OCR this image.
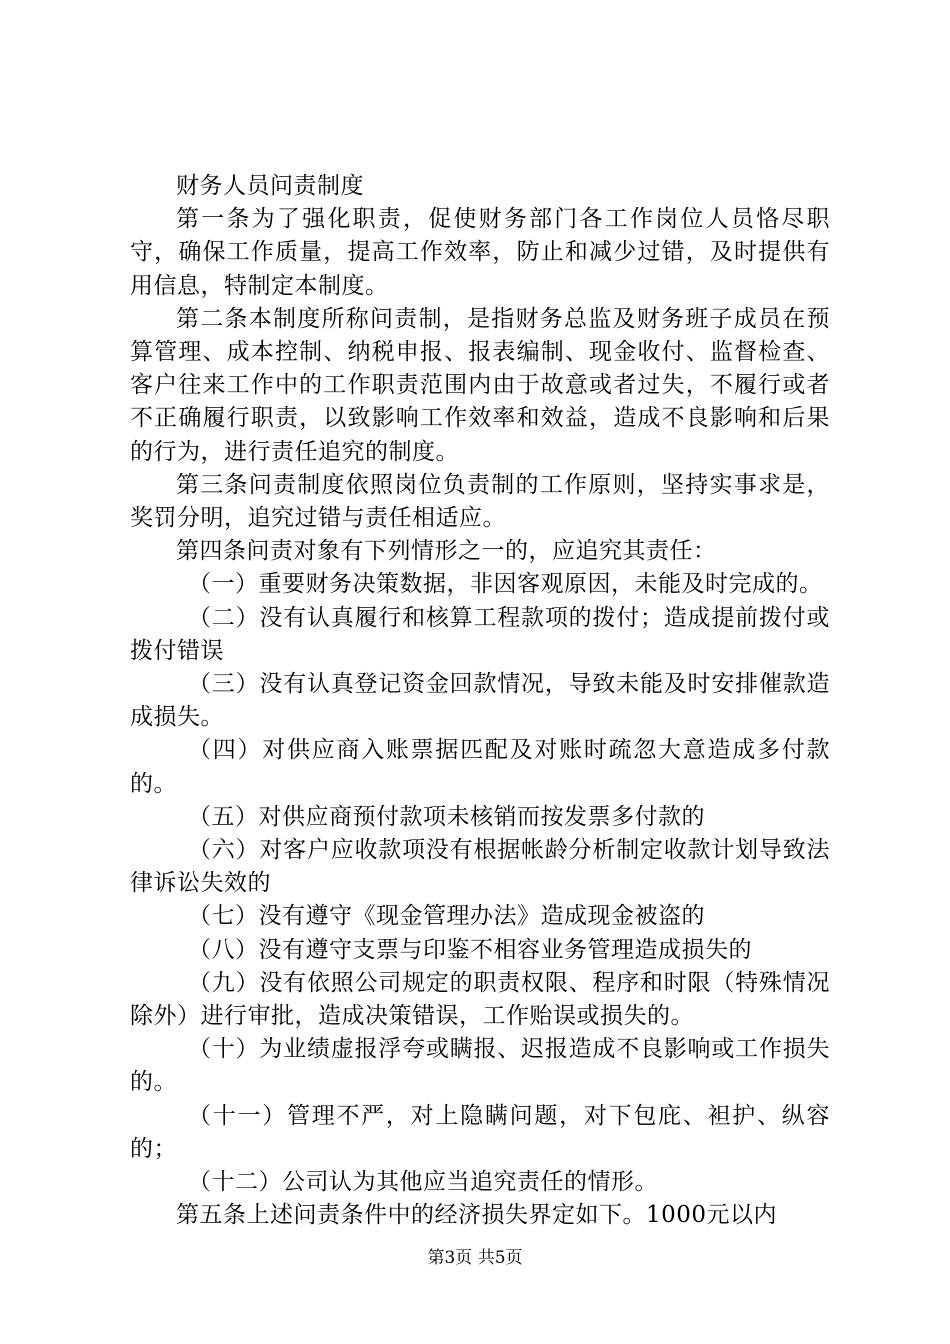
财务人员问责制度

第一条为了强化职责，促使财务部门各工作岗位人员恪尽职守，确保工作质量，提高工作效率，防止和减少过错，及时提供有用信息，特制定本制度。

第二条本制度所称问责制，是指财务总监及财务班子成员在预算管理、成本控制、纳税申报、报表编制、现金收付、监督检查、客户往来工作中的工作职责范围内由于故意或者过失，不履行或者不正确履行职责，以致影响工作效率和效益，造成不良影响和后果的行为，进行责任追究的制度。

第三条问责制度依照岗位负责制的工作原则，坚持实事求是，奖罚分明，追究过错与责任相适应。

第四条问责对象有下列情形之一的，应追究其责任：

（一）重要财务决策数据，非因客观原因，未能及时完成的。

（二）没有认真履行和核算工程款项的拨付；造成提前拨付或拨付错误

（三）没有认真登记资金回款情况，导致未能及时安排催款造成损失。

（四）对供应商入账票据匹配及对账时疏忽大意造成多付款的。

（五）对供应商预付款项未核销而按发票多付款的

（六）对客户应收款项没有根据帐龄分析制定收款计划导致法律诉讼失效的

（七）没有遵守《现金管理办法》造成现金被盗的

（八）没有遵守支票与印鉴不相容业务管理造成损失的

（九）没有依照公司规定的职责权限、程序和时限（特殊情况除外）进行审批，造成决策错误，工作贻误或损失的。

（十）为业绩虚报浮夸或瞒报、迟报造成不良影响或工作损失的。

（十一）管理不严，对上隐瞒问题，对下包庇、袒护、纵容的；

（十二）公司认为其他应当追究责任的情形。

第五条上述问责条件中的经济损失界定如下。1000元以内

第3页 共5页
